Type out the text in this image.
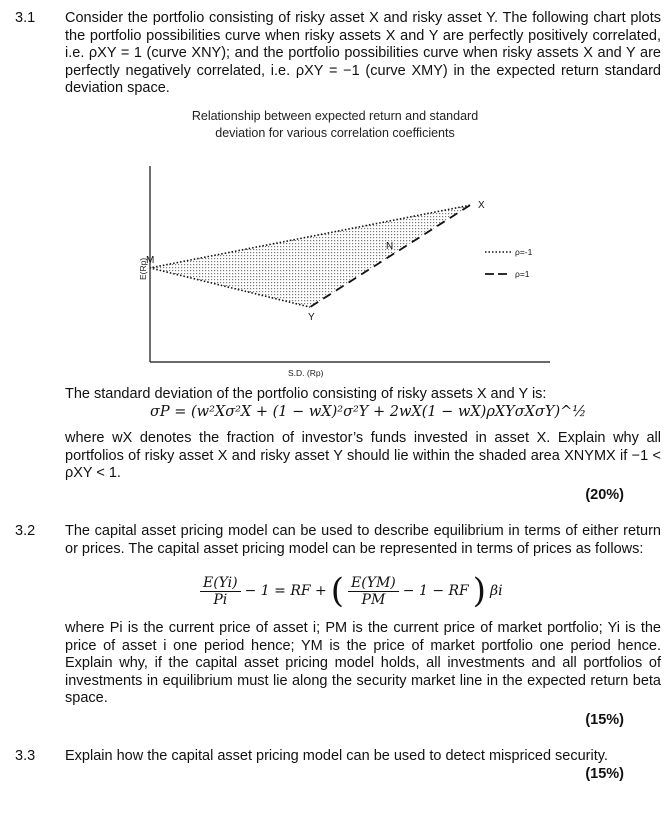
3.1 Consider the portfolio consisting of risky asset X and risky asset Y. The following chart plots the portfolio possibilities curve when risky assets X and Y are perfectly positively correlated, i.e. ρXY = 1 (curve XNY); and the portfolio possibilities curve when risky assets X and Y are perfectly negatively correlated, i.e. ρXY = −1 (curve XMY) in the expected return standard deviation space.
Relationship between expected return and standard
deviation for various correlation coefficients
X
Y
M
N
E(Rp)
S.D. (Rp)
ρ=-1
ρ=1
The standard deviation of the portfolio consisting of risky assets X and Y is:
σP = (w²Xσ²X + (1 − wX)²σ²Y + 2wX(1 − wX)ρXYσXσY)^½
where wX denotes the fraction of investor’s funds invested in asset X. Explain why all portfolios of risky asset X and risky asset Y should lie within the shaded area XNYMX if −1 < ρXY < 1.
(20%)
3.2 The capital asset pricing model can be used to describe equilibrium in terms of either return or prices. The capital asset pricing model can be represented in terms of prices as follows:
$\frac{E(Yi)}{Pi} - 1$ = RF + ( $\frac{E(YM)}{PM} - 1$ − RF ) βi
where Pi is the current price of asset i; PM is the current price of market portfolio; Yi is the price of asset i one period hence; YM is the price of market portfolio one period hence. Explain why, if the capital asset pricing model holds, all investments and all portfolios of investments in equilibrium must lie along the security market line in the expected return beta space.
(15%)
3.3 Explain how the capital asset pricing model can be used to detect mispriced security.
(15%)
